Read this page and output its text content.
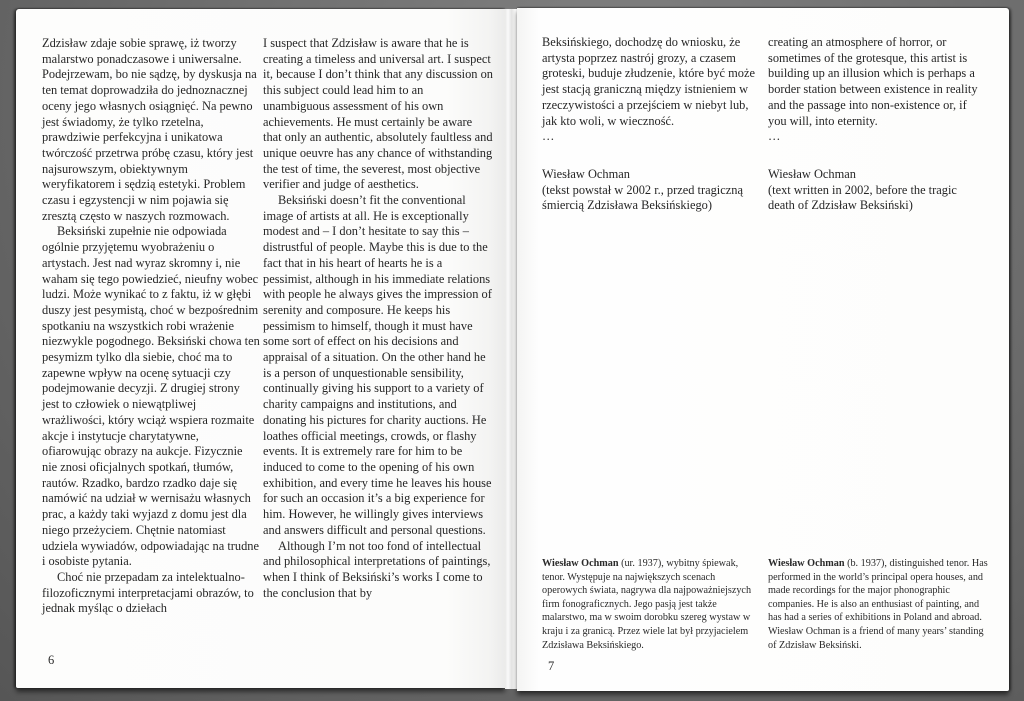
Zdzisław zdaje sobie sprawę, iż tworzy malarstwo ponadczasowe i uniwersalne. Podejrzewam, bo nie sądzę, by dyskusja na ten temat doprowadziła do jednoznacznej oceny jego własnych osiągnięć. Na pewno jest świadomy, że tylko rzetelna, prawdziwie perfekcyjna i unikatowa twórczość przetrwa próbę czasu, który jest najsurowszym, obiektywnym weryfikatorem i sędzią estetyki. Problem czasu i egzystencji w nim pojawia się zresztą często w naszych rozmowach.

Beksiński zupełnie nie odpowiada ogólnie przyjętemu wyobrażeniu o artystach. Jest nad wyraz skromny i, nie waham się tego powiedzieć, nieufny wobec ludzi. Może wynikać to z faktu, iż w głębi duszy jest pesymistą, choć w bezpośrednim spotkaniu na wszystkich robi wrażenie niezwykle pogodnego. Beksiński chowa ten pesymizm tylko dla siebie, choć ma to zapewne wpływ na ocenę sytuacji czy podejmowanie decyzji. Z drugiej strony jest to człowiek o niewątpliwej wrażliwości, który wciąż wspiera rozmaite akcje i instytucje charytatywne, ofiarowując obrazy na aukcje. Fizycznie nie znosi oficjalnych spotkań, tłumów, rautów. Rzadko, bardzo rzadko daje się namówić na udział w wernisażu własnych prac, a każdy taki wyjazd z domu jest dla niego przeżyciem. Chętnie natomiast udziela wywiadów, odpowiadając na trudne i osobiste pytania.

Choć nie przepadam za intelektualno-filozoficznymi interpretacjami obrazów, to jednak myśląc o dziełach

I suspect that Zdzisław is aware that he is creating a timeless and universal art. I suspect it, because I don’t think that any discussion on this subject could lead him to an unambiguous assessment of his own achievements. He must certainly be aware that only an authentic, absolutely faultless and unique oeuvre has any chance of withstanding the test of time, the severest, most objective verifier and judge of aesthetics.

Beksiński doesn’t fit the conventional image of artists at all. He is exceptionally modest and – I don’t hesitate to say this – distrustful of people. Maybe this is due to the fact that in his heart of hearts he is a pessimist, although in his immediate relations with people he always gives the impression of serenity and composure. He keeps his pessimism to himself, though it must have some sort of effect on his decisions and appraisal of a situation. On the other hand he is a person of unquestionable sensibility, continually giving his support to a variety of charity campaigns and institutions, and donating his pictures for charity auctions. He loathes official meetings, crowds, or flashy events. It is extremely rare for him to be induced to come to the opening of his own exhibition, and every time he leaves his house for such an occasion it’s a big experience for him. However, he willingly gives interviews and answers difficult and personal questions.

Although I’m not too fond of intellectual and philosophical interpretations of paintings, when I think of Beksiński’s works I come to the conclusion that by

6

Beksińskiego, dochodzę do wniosku, że artysta poprzez nastrój grozy, a czasem groteski, buduje złudzenie, które być może jest stacją graniczną między istnieniem w rzeczywistości a przejściem w niebyt lub, jak kto woli, w wieczność.

…

Wiesław Ochman

(tekst powstał w 2002 r., przed tragiczną śmiercią Zdzisława Beksińskiego)

creating an atmosphere of horror, or sometimes of the grotesque, this artist is building up an illusion which is perhaps a border station between existence in reality and the passage into non-existence or, if you will, into eternity.

…

Wiesław Ochman

(text written in 2002, before the tragic death of Zdzisław Beksiński)

Wiesław Ochman (ur. 1937), wybitny śpiewak, tenor. Występuje na największych scenach operowych świata, nagrywa dla najpoważniejszych firm fonograficznych. Jego pasją jest także malarstwo, ma w swoim dorobku szereg wystaw w kraju i za granicą. Przez wiele lat był przyjacielem Zdzisława Beksińskiego.
Wiesław Ochman (b. 1937), distinguished tenor. Has performed in the world’s principal opera houses, and made recordings for the major phonographic companies. He is also an enthusiast of painting, and has had a series of exhibitions in Poland and abroad. Wiesław Ochman is a friend of many years’ standing of Zdzisław Beksiński.
7
